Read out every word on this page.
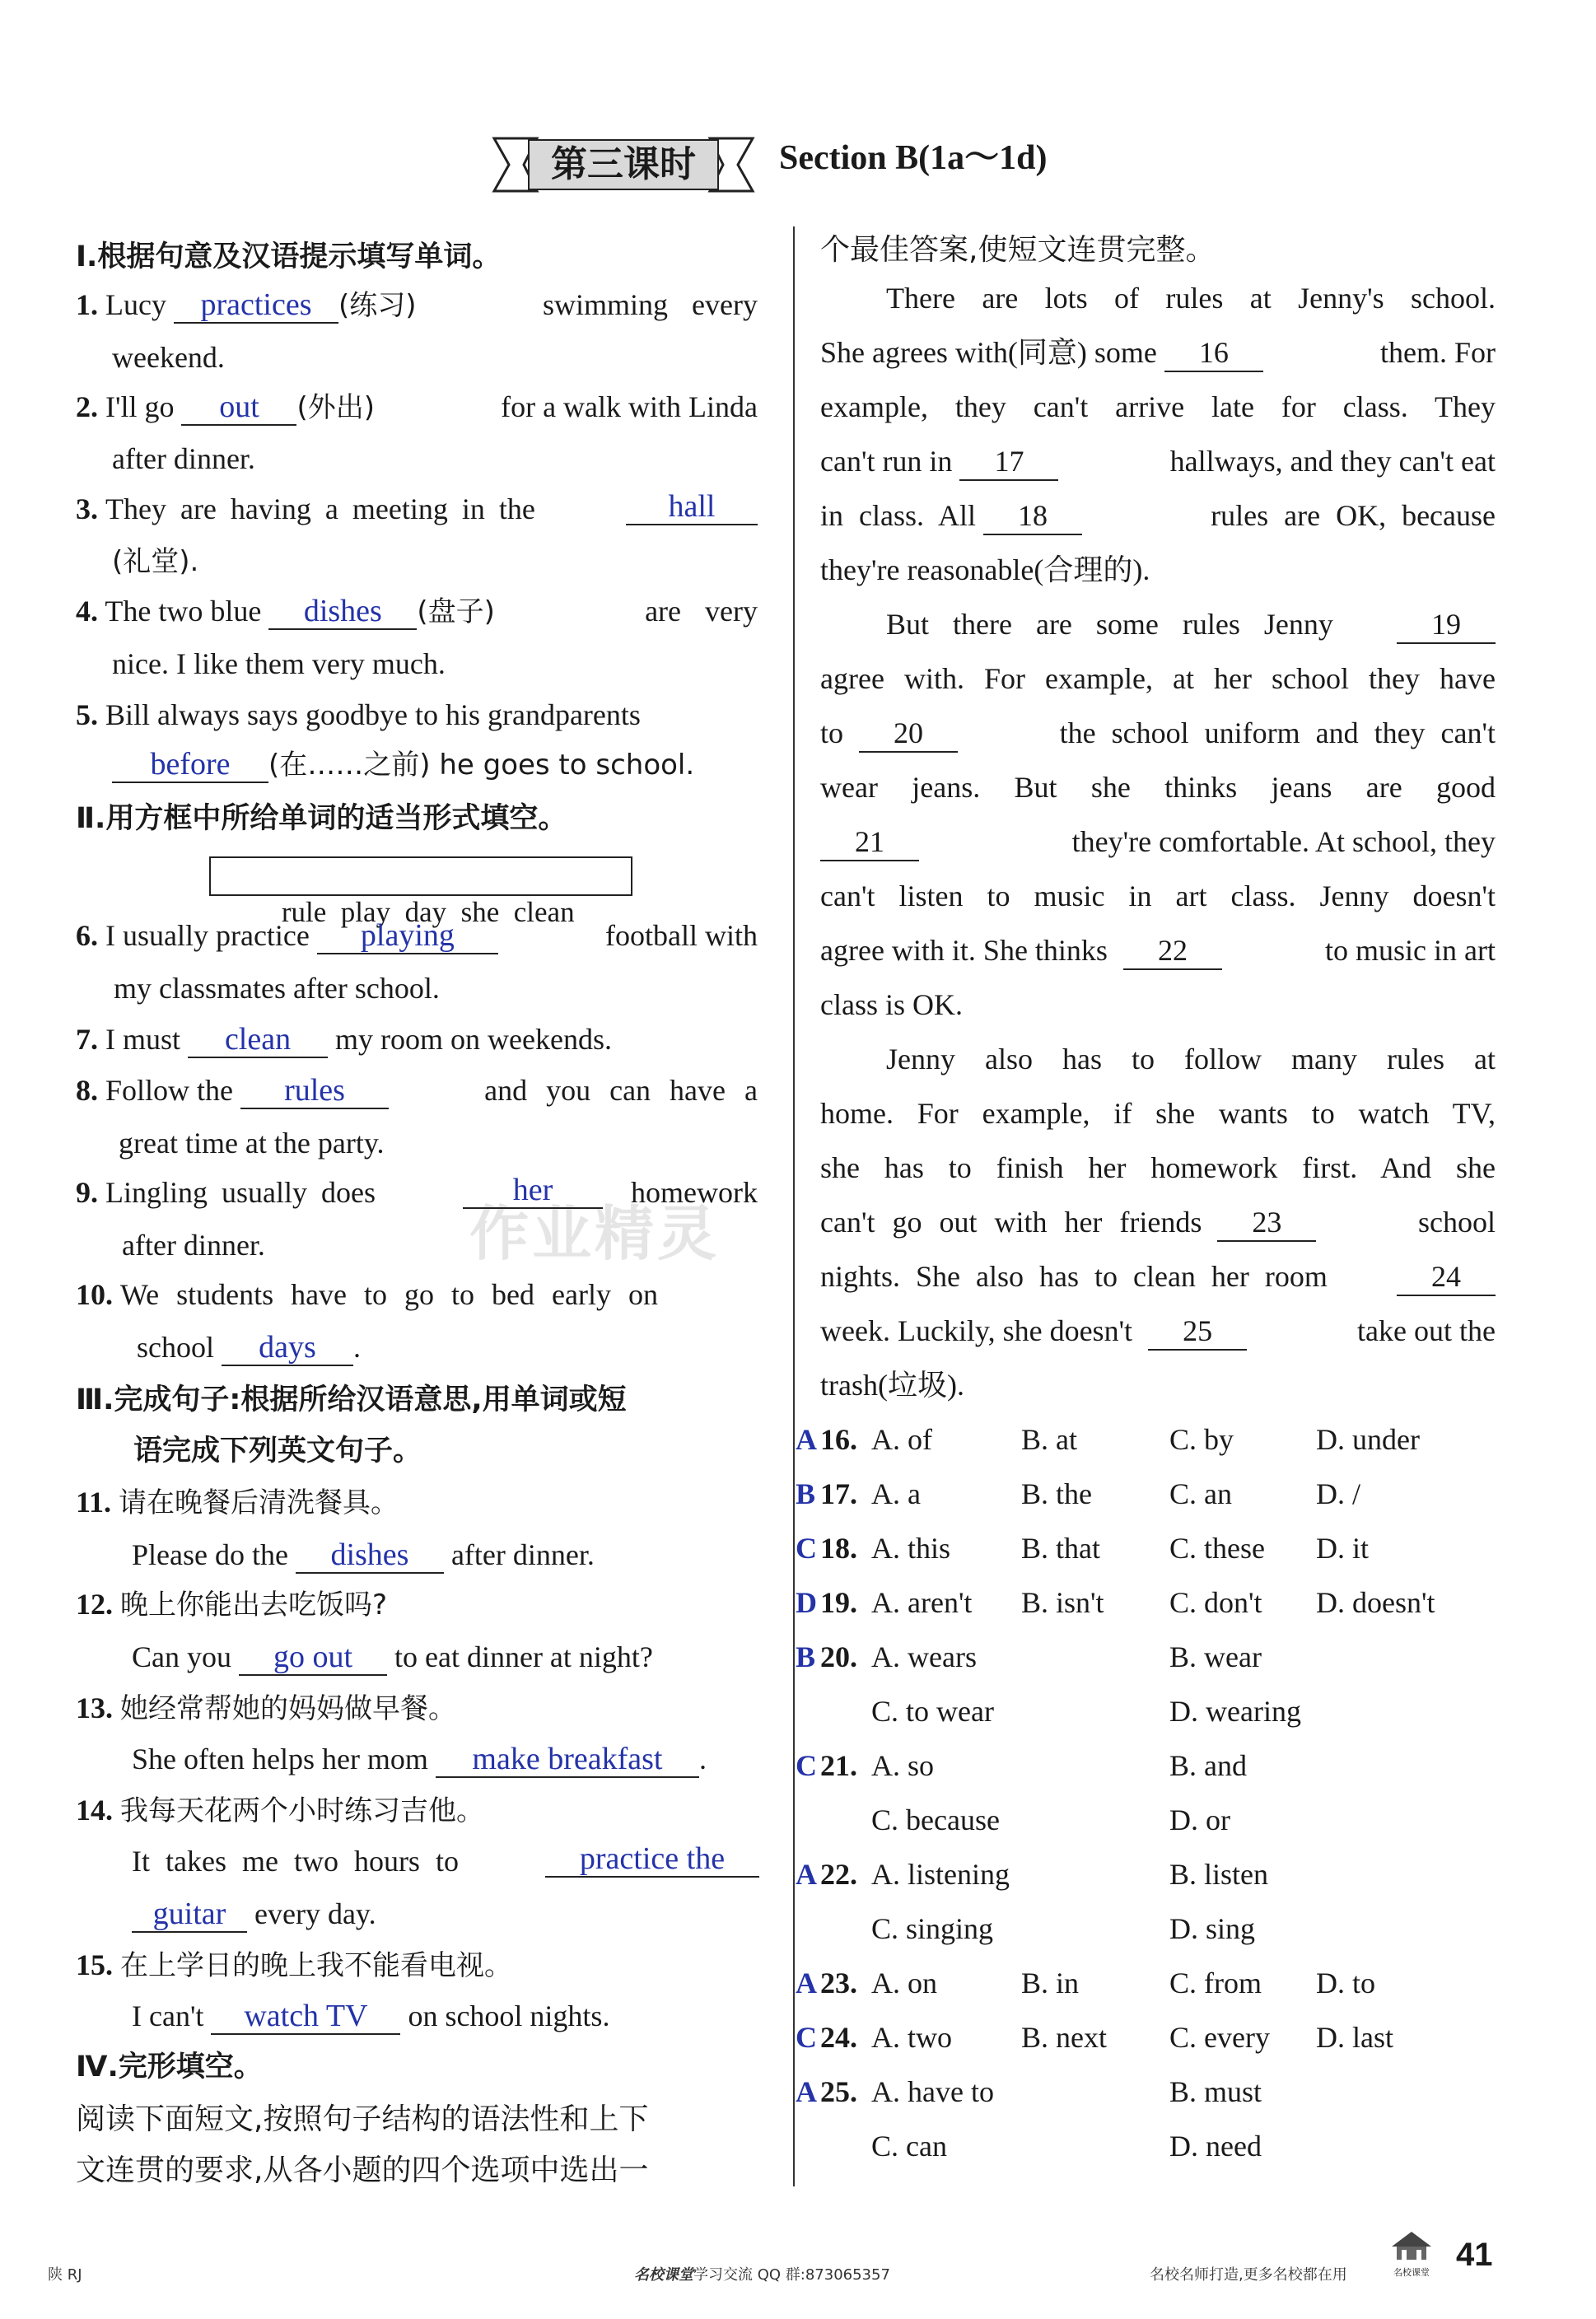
第三课时 Section B(1a～1d)
作业精灵
Ⅰ.根据句意及汉语提示填写单词。
1. Lucy practices (练习)	swimming every
weekend.
2. I'll go out (外出)	for a walk with Linda
after dinner.
3. They are having a meeting in the	hall
(礼堂).
4. The two blue dishes (盘子)	are very
nice. I like them very much.
5. Bill always says goodbye to his grandparents
before (在……之前) he goes to school.
Ⅱ.用方框中所给单词的适当形式填空。

rule  play  day  she  clean

6. I usually practice playing	football with
my classmates after school.
7. I must clean my room on weekends.
8. Follow the rules	and you can have a
great time at the party.
9. Lingling usually does	her	homework
after dinner.
10. We students have to go to bed early on
school days .
Ⅲ.完成句子:根据所给汉语意思,用单词或短
语完成下列英文句子。
11. 请在晚餐后清洗餐具。
Please do the dishes after dinner.
12. 晚上你能出去吃饭吗?
Can you go out to eat dinner at night?
13. 她经常帮她的妈妈做早餐。
She often helps her mom make breakfast .
14. 我每天花两个小时练习吉他。
It takes me two hours to	practice the
guitar every day.
15. 在上学日的晚上我不能看电视。
I can't watch TV on school nights.
Ⅳ.完形填空。
阅读下面短文,按照句子结构的语法性和上下
文连贯的要求,从各小题的四个选项中选出一
个最佳答案,使短文连贯完整。
There are lots of rules at Jenny's school.
She agrees with(同意) some 16	them. For
example, they can't arrive late for class. They
can't run in 17	hallways, and they can't eat
in class. All 18	rules are OK, because
they're reasonable(合理的).
But there are some rules Jenny	19
agree with. For example, at her school they have
to 20	the school uniform and they can't
wear jeans. But she thinks jeans are good
21	they're comfortable. At school, they
can't listen to music in art class. Jenny doesn't
agree with it. She thinks 22	to music in art
class is OK.
Jenny also has to follow many rules at
home. For example, if she wants to watch TV,
she has to finish her homework first. And she
can't go out with her friends 23	school
nights. She also has to clean her room	24
week. Luckily, she doesn't 25	take out the
trash(垃圾).
A 16. A. of	B. at	C. by	D. under
B 17. A. a	B. the	C. an	D. /
C 18. A. this B. that C. these D. it
D 19. A. aren't B. isn't C. don't D. doesn't
B 20. A. wears	B. wear
C. to wear	D. wearing
C 21. A. so	B. and
C. because	D. or
A 22. A. listening	B. listen
C. singing	D. sing
A 23. A. on	B. in	C. from D. to
C 24. A. two B. next C. every D. last
A 25. A. have to	B. must
C. can	D. need
陕 RJ	名校课堂学习交流 QQ 群:873065357	名校名师打造,更多名校都在用	名校课堂 41
